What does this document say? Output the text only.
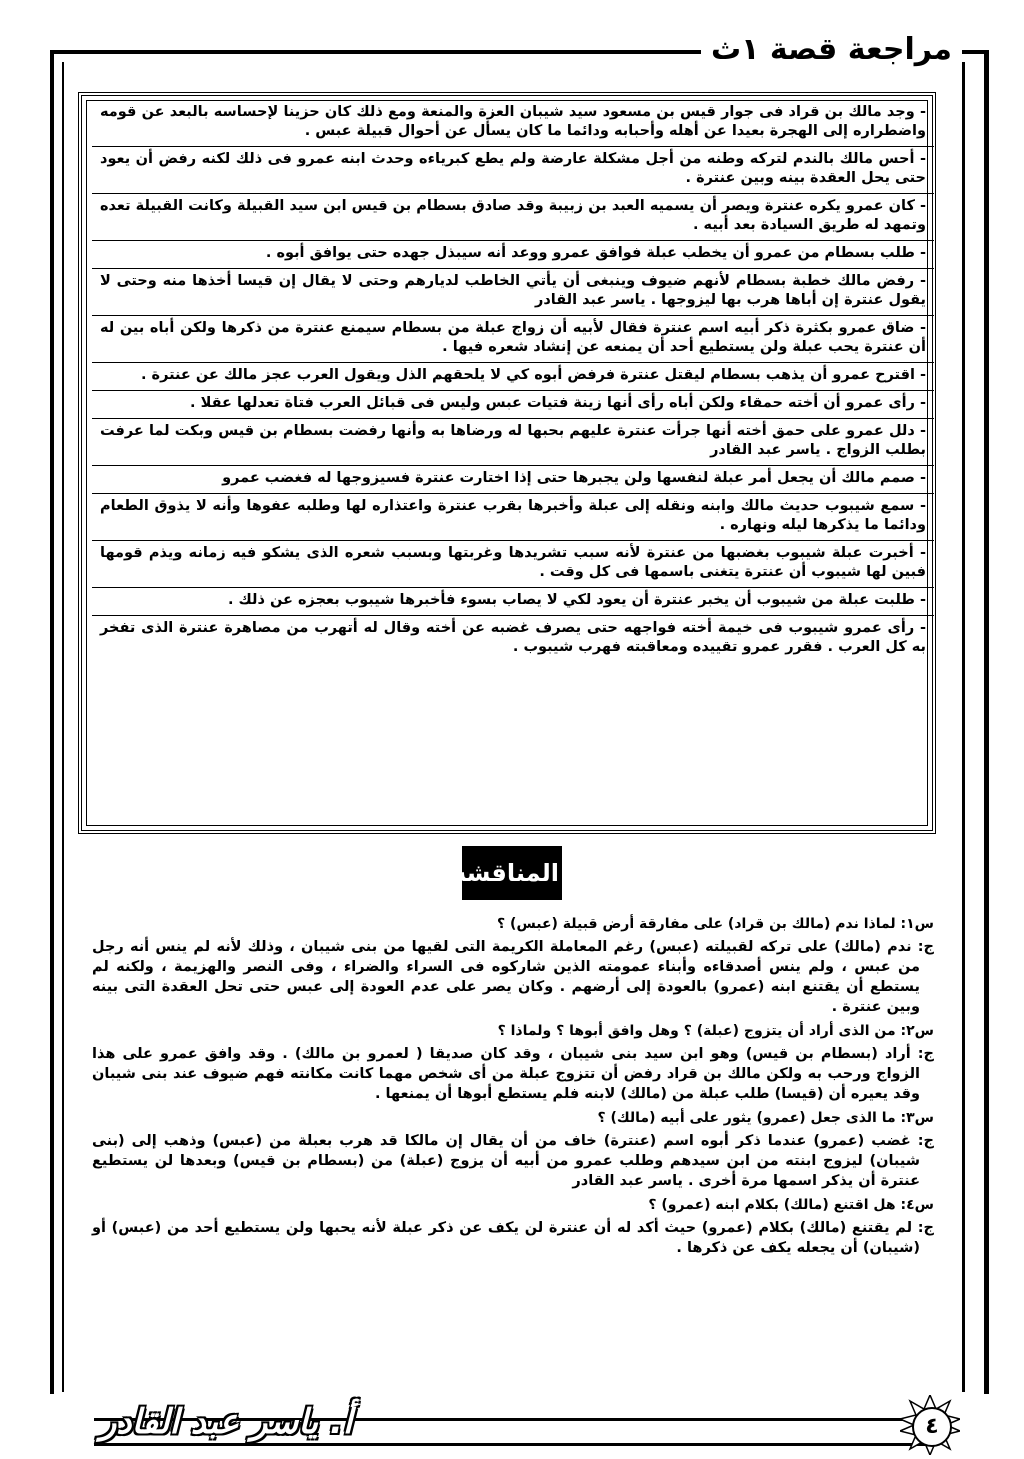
مراجعة قصة ١ث
- وجد مالك بن قراد فى جوار قيس بن مسعود سيد شيبان العزة والمنعة ومع ذلك كان حزينا لإحساسه بالبعد عن قومه واضطراره إلى الهجرة بعيدا عن أهله وأحبابه ودائما ما كان يسأل عن أحوال قبيلة عبس .
- أحس مالك بالندم لتركه وطنه من أجل مشكلة عارضة ولم يطع كبرياءه وحدث ابنه عمرو فى ذلك لكنه رفض أن يعود حتى يحل العقدة بينه وبين عنترة .
- كان عمرو يكره عنترة ويصر أن يسميه العبد بن زبيبة وقد صادق بسطام بن قيس ابن سيد القبيلة وكانت القبيلة تعده وتمهد له طريق السيادة بعد أبيه .
- طلب بسطام من عمرو أن يخطب عبلة فوافق عمرو ووعد أنه سيبذل جهده حتى يوافق أبوه .
- رفض مالك خطبة بسطام لأنهم ضيوف وينبغى أن يأتي الخاطب لديارهم وحتى لا يقال إن قيسا أخذها منه وحتى لا يقول عنترة إن أباها هرب بها ليزوجها . ياسر عبد القادر
- ضاق عمرو بكثرة ذكر أبيه اسم عنترة فقال لأبيه أن زواج عبلة من بسطام سيمنع عنترة من ذكرها ولكن أباه بين له أن عنترة يحب عبلة ولن يستطيع أحد أن يمنعه عن إنشاد شعره فيها .
- اقترح عمرو أن يذهب بسطام ليقتل عنترة فرفض أبوه كي لا يلحقهم الذل ويقول العرب عجز مالك عن عنترة .
- رأى عمرو أن أخته حمقاء ولكن أباه رأى أنها زينة فتيات عبس وليس فى قبائل العرب فتاة تعدلها عقلا .
- دلل عمرو على حمق أخته أنها جرأت عنترة عليهم بحبها له ورضاها به وأنها رفضت بسطام بن قيس وبكت لما عرفت بطلب الزواج . ياسر عبد القادر
- صمم مالك أن يجعل أمر عبلة لنفسها ولن يجبرها حتى إذا اختارت عنترة فسيزوجها له فغضب عمرو
- سمع شيبوب حديث مالك وابنه ونقله إلى عبلة وأخبرها بقرب عنترة واعتذاره لها وطلبه عفوها وأنه لا يذوق الطعام ودائما ما يذكرها ليله ونهاره .
- أخبرت عبلة شيبوب بغضبها من عنترة لأنه سبب تشريدها وغربتها وبسبب شعره الذى يشكو فيه زمانه ويذم قومها فبين لها شيبوب أن عنترة يتغنى باسمها فى كل وقت .
- طلبت عبلة من شيبوب أن يخبر عنترة أن يعود لكي لا يصاب بسوء فأخبرها شيبوب بعجزه عن ذلك .
- رأى عمرو شيبوب فى خيمة أخته فواجهه حتى يصرف غضبه عن أخته وقال له أتهرب من مصاهرة عنترة الذى تفخر به كل العرب . فقرر عمرو تقييده ومعاقبته فهرب شيبوب .
المناقشة
س١: لماذا ندم (مالك بن قراد) على مفارقة أرض قبيلة (عبس) ؟
ج: ندم (مالك) على تركه لقبيلته (عبس) رغم المعاملة الكريمة التى لقيها من بنى شيبان ، وذلك لأنه لم ينس أنه رجل من عبس ، ولم ينس أصدقاءه وأبناء عمومته الذين شاركوه فى السراء والضراء ، وفى النصر والهزيمة ، ولكنه لم يستطع أن يقتنع ابنه (عمرو) بالعودة إلى أرضهم . وكان يصر على عدم العودة إلى عبس حتى تحل العقدة التى بينه وبين عنترة .
س٢: من الذى أراد أن يتزوج (عبلة) ؟ وهل وافق أبوها ؟ ولماذا ؟
ج: أراد (بسطام بن قيس) وهو ابن سيد بنى شيبان ، وقد كان صديقا ( لعمرو بن مالك) . وقد وافق عمرو على هذا الزواج ورحب به ولكن مالك بن قراد رفض أن تتزوج عبلة من أى شخص مهما كانت مكانته فهم ضيوف عند بنى شيبان وقد يعيره أن (قيسا) طلب عبلة من (مالك) لابنه فلم يستطع أبوها أن يمنعها .
س٣: ما الذى جعل (عمرو) يثور على أبيه (مالك) ؟
ج: غضب (عمرو) عندما ذكر أبوه اسم (عنترة) خاف من أن يقال إن مالكا قد هرب بعبلة من (عبس) وذهب إلى (بنى شيبان) ليزوج ابنته من ابن سيدهم وطلب عمرو من أبيه أن يزوج (عبلة) من (بسطام بن قيس) وبعدها لن يستطيع عنترة أن يذكر اسمها مرة أخرى . ياسر عبد القادر
س٤: هل اقتنع (مالك) بكلام ابنه (عمرو) ؟
ج: لم يقتنع (مالك) بكلام (عمرو) حيث أكد له أن عنترة لن يكف عن ذكر عبلة لأنه يحبها ولن يستطيع أحد من (عبس) أو (شيبان) أن يجعله يكف عن ذكرها .
أ. ياسر عبد القادر	٤
